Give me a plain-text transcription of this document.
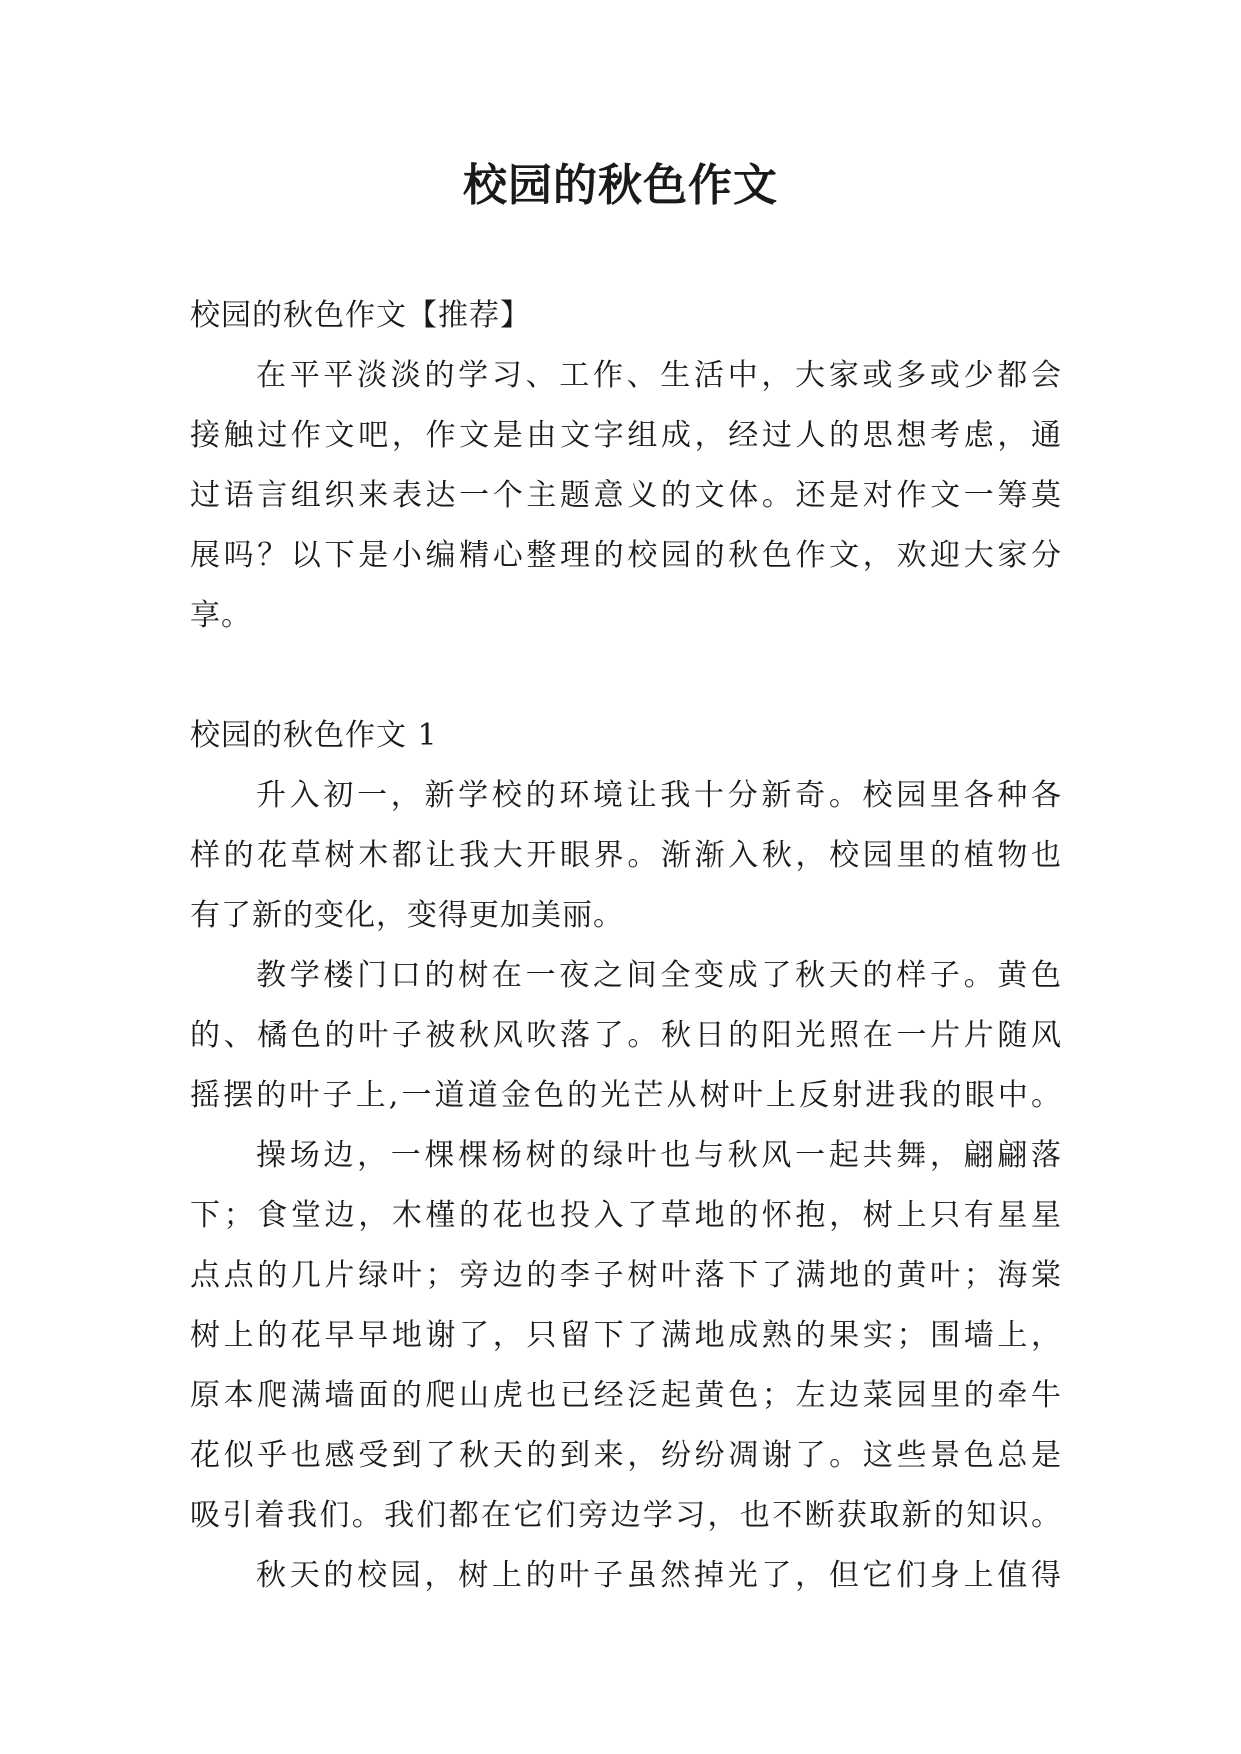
校园的秋色作文
校园的秋色作文【推荐】
在平平淡淡的学习、工作、生活中，大家或多或少都会
接触过作文吧，作文是由文字组成，经过人的思想考虑，通
过语言组织来表达一个主题意义的文体。还是对作文一筹莫
展吗？以下是小编精心整理的校园的秋色作文，欢迎大家分
享。
校园的秋色作文 1
升入初一，新学校的环境让我十分新奇。校园里各种各
样的花草树木都让我大开眼界。渐渐入秋，校园里的植物也
有了新的变化，变得更加美丽。
教学楼门口的树在一夜之间全变成了秋天的样子。黄色
的、橘色的叶子被秋风吹落了。秋日的阳光照在一片片随风
摇摆的叶子上,一道道金色的光芒从树叶上反射进我的眼中。
操场边，一棵棵杨树的绿叶也与秋风一起共舞，翩翩落
下；食堂边，木槿的花也投入了草地的怀抱，树上只有星星
点点的几片绿叶；旁边的李子树叶落下了满地的黄叶；海棠
树上的花早早地谢了，只留下了满地成熟的果实；围墙上，
原本爬满墙面的爬山虎也已经泛起黄色；左边菜园里的牵牛
花似乎也感受到了秋天的到来，纷纷凋谢了。这些景色总是
吸引着我们。我们都在它们旁边学习，也不断获取新的知识。
秋天的校园，树上的叶子虽然掉光了，但它们身上值得
